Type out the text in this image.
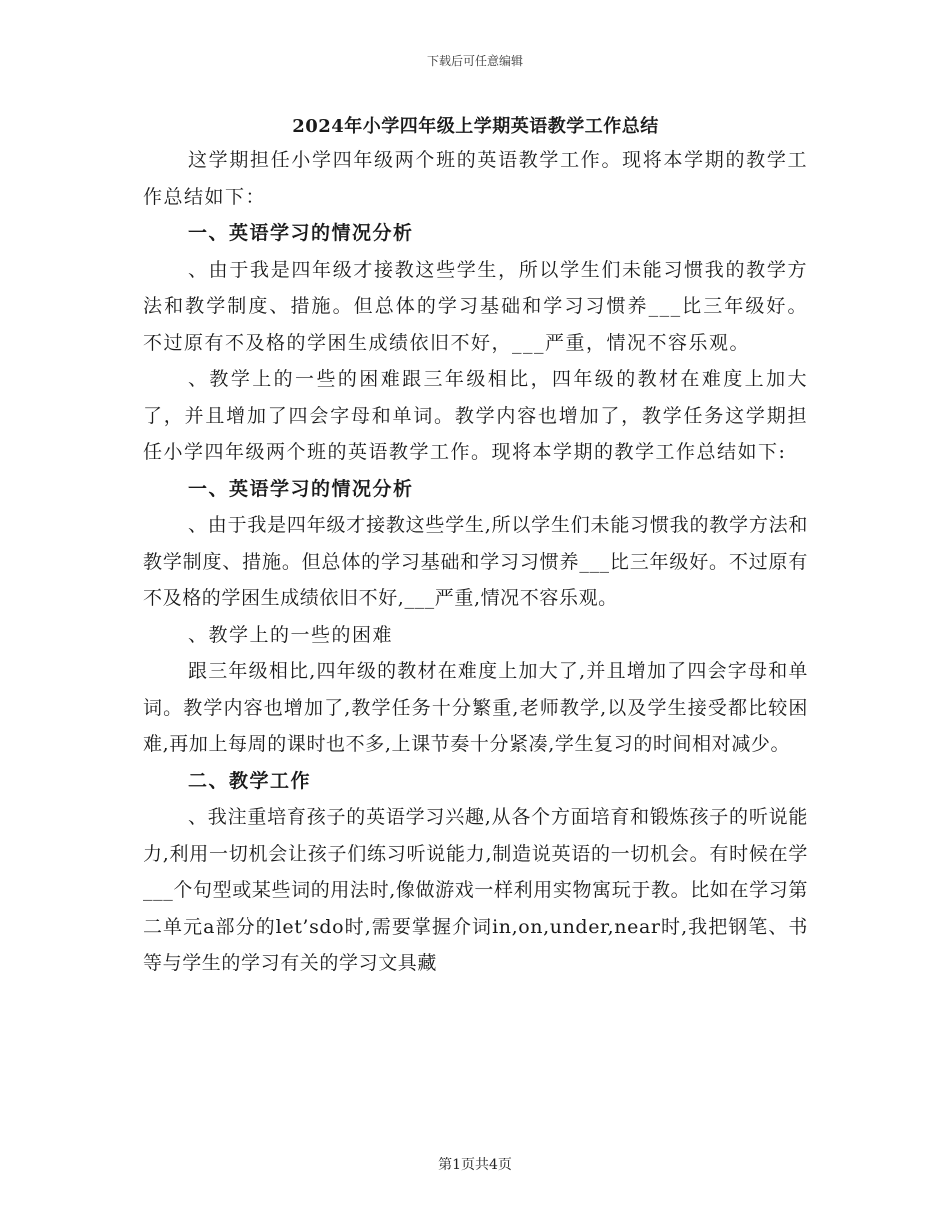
下载后可任意编辑
2024年小学四年级上学期英语教学工作总结

这学期担任小学四年级两个班的英语教学工作。现将本学期的教学工作总结如下：

一、英语学习的情况分析

、由于我是四年级才接教这些学生，所以学生们未能习惯我的教学方法和教学制度、措施。但总体的学习基础和学习习惯养___比三年级好。不过原有不及格的学困生成绩依旧不好，___严重，情况不容乐观。

、教学上的一些的困难跟三年级相比，四年级的教材在难度上加大了，并且增加了四会字母和单词。教学内容也增加了，教学任务这学期担任小学四年级两个班的英语教学工作。现将本学期的教学工作总结如下:

一、英语学习的情况分析

、由于我是四年级才接教这些学生,所以学生们未能习惯我的教学方法和教学制度、措施。但总体的学习基础和学习习惯养___比三年级好。不过原有不及格的学困生成绩依旧不好,___严重,情况不容乐观。

、教学上的一些的困难

跟三年级相比,四年级的教材在难度上加大了,并且增加了四会字母和单词。教学内容也增加了,教学任务十分繁重,老师教学,以及学生接受都比较困难,再加上每周的课时也不多,上课节奏十分紧凑,学生复习的时间相对减少。

二、教学工作

、我注重培育孩子的英语学习兴趣,从各个方面培育和锻炼孩子的听说能力,利用一切机会让孩子们练习听说能力,制造说英语的一切机会。有时候在学___个句型或某些词的用法时,像做游戏一样利用实物寓玩于教。比如在学习第二单元a部分的let’sdo时,需要掌握介词in,on,under,near时,我把钢笔、书等与学生的学习有关的学习文具藏

第1页共4页
